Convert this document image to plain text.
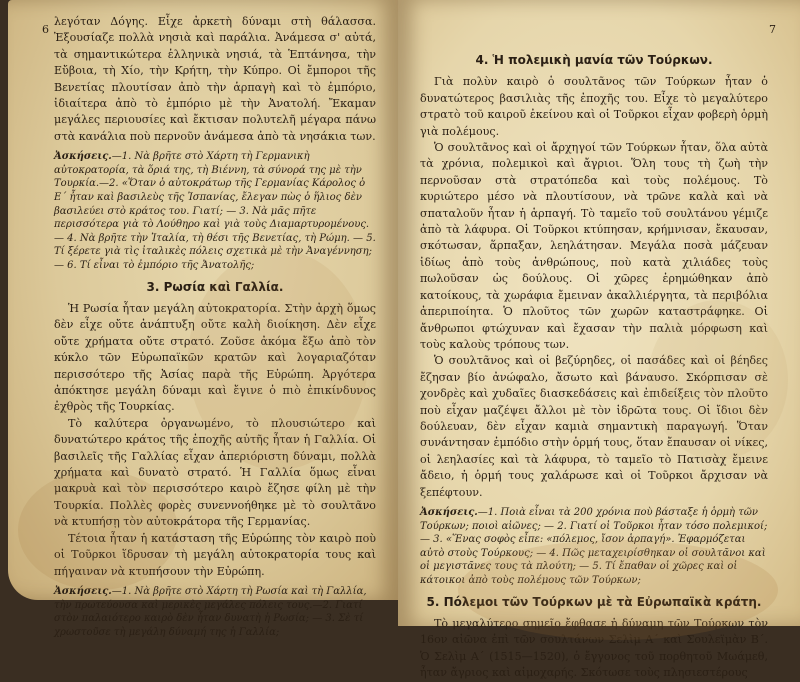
6

λεγόταν Δόγης. Εἶχε ἀρκετὴ δύναμι στὴ θάλασσα. Ἐξουσίαζε πολλὰ νησιὰ καὶ παράλια. Ἀνάμεσα σ' αὐτά, τὰ σημαντικώτερα ἑλληνικὰ νησιά, τὰ Ἑπτάνησα, τὴν Εὔβοια, τὴ Χίο, τὴν Κρήτη, τὴν Κύπρο. Οἱ ἔμποροι τῆς Βενετίας πλουτίσαν ἀπὸ τὴν ἁρπαγὴ καὶ τὸ ἐμπόριο, ἰδιαίτερα ἀπὸ τὸ ἐμπόριο μὲ τὴν Ἀνατολή. Ἔκαμαν μεγάλες περιουσίες καὶ ἔκτισαν πολυτελῆ μέγαρα πάνω στὰ κανάλια ποὺ περνοῦν ἀνάμεσα ἀπὸ τὰ νησάκια των.

Ἀσκήσεις.—1. Νὰ βρῆτε στὸ Χάρτη τὴ Γερμανικὴ αὐτοκρατορία, τὰ ὅριά της, τὴ Βιέννη, τὰ σύνορά της μὲ τὴν Τουρκία.—2. «Ὅταν ὁ αὐτοκράτωρ τῆς Γερμανίας Κάρολος ὁ Ε΄ ἦταν καὶ βασιλεὺς τῆς Ἰσπανίας, ἔλεγαν πὼς ὁ ἥλιος δὲν βασιλεύει στὸ κράτος του. Γιατί; — 3. Νὰ μᾶς πῆτε περισσότερα γιὰ τὸ Λούθηρο καὶ γιὰ τοὺς Διαμαρτυρομένους. — 4. Νὰ βρῆτε τὴν Ἰταλία, τὴ θέσι τῆς Βενετίας, τὴ Ρώμη. — 5. Τί ξέρετε γιὰ τὶς ἰταλικὲς πόλεις σχετικὰ μὲ τὴν Ἀναγέννηση; — 6. Τί εἶναι τὸ ἐμπόριο τῆς Ἀνατολῆς;
3. Ρωσία καὶ Γαλλία.

Ἡ Ρωσία ἦταν μεγάλη αὐτοκρατορία. Στὴν ἀρχὴ ὅμως δὲν εἶχε οὔτε ἀνάπτυξη οὔτε καλὴ διοίκηση. Δὲν εἶχε οὔτε χρήματα οὔτε στρατό. Ζοῦσε ἀκόμα ἔξω ἀπὸ τὸν κύκλο τῶν Εὐρωπαϊκῶν κρατῶν καὶ λογαριαζόταν περισσότερο τῆς Ἀσίας παρὰ τῆς Εὐρώπη. Ἀργότερα ἀπόκτησε μεγάλη δύναμι καὶ ἔγινε ὁ πιὸ ἐπικίνδυνος ἐχθρὸς τῆς Τουρκίας.

Τὸ καλύτερα ὀργανωμένο, τὸ πλουσιώτερο καὶ δυνατώτερο κράτος τῆς ἐποχῆς αὐτῆς ἦταν ἡ Γαλλία. Οἱ βασιλεῖς τῆς Γαλλίας εἶχαν ἀπεριόριστη δύναμι, πολλὰ χρήματα καὶ δυνατὸ στρατό. Ἡ Γαλλία ὅμως εἶναι μακρυὰ καὶ τὸν περισσότερο καιρὸ ἔζησε φίλη μὲ τὴν Τουρκία. Πολλὲς φορὲς συνεννοήθηκε μὲ τὸ σουλτᾶνο νὰ κτυπήσῃ τὸν αὐτοκράτορα τῆς Γερμανίας.

Τέτοια ἦταν ἡ κατάσταση τῆς Εὐρώπης τὸν καιρὸ ποὺ οἱ Τοῦρκοι ἵδρυσαν τὴ μεγάλη αὐτοκρατορία τους καὶ πήγαιναν νὰ κτυπήσουν τὴν Εὐρώπη.

Ἀσκήσεις.—1. Νὰ βρῆτε στὸ Χάρτη τὴ Ρωσία καὶ τὴ Γαλλία, τὴν πρωτεύουσα καὶ μερικὲς μεγάλες πόλεις τους.—2. Γιατί στὸν παλαιότερο καιρὸ δὲν ἦταν δυνατὴ ἡ Ρωσία; — 3. Σὲ τί χρωστοῦσε τὴ μεγάλη δύναμή της ἡ Γαλλία;
7
4. Ἡ πολεμικὴ μανία τῶν Τούρκων.

Γιὰ πολὺν καιρὸ ὁ σουλτᾶνος τῶν Τούρκων ἦταν ὁ δυνατώτερος βασιλιὰς τῆς ἐποχῆς του. Εἶχε τὸ μεγαλύτερο στρατὸ τοῦ καιροῦ ἐκείνου καὶ οἱ Τοῦρκοι εἶχαν φοβερὴ ὁρμὴ γιὰ πολέμους.

Ὁ σουλτᾶνος καὶ οἱ ἄρχηγοί τῶν Τούρκων ἦταν, ὅλα αὐτὰ τὰ χρόνια, πολεμικοὶ καὶ ἄγριοι. Ὅλη τους τὴ ζωὴ τὴν περνοῦσαν στὰ στρατόπεδα καὶ τοὺς πολέμους. Τὸ κυριώτερο μέσο νὰ πλουτίσουν, νὰ τρῶνε καλὰ καὶ νὰ σπαταλοῦν ἦταν ἡ ἁρπαγή. Τὸ ταμεῖο τοῦ σουλτάνου γέμιζε ἀπὸ τὰ λάφυρα. Οἱ Τοῦρκοι κτύπησαν, κρήμνισαν, ἔκαυσαν, σκότωσαν, ἅρπαξαν, λεηλάτησαν. Μεγάλα ποσὰ μάζευαν ἰδίως ἀπὸ τοὺς ἀνθρώπους, ποὺ κατὰ χιλιάδες τοὺς πωλοῦσαν ὡς δούλους. Οἱ χῶρες ἐρημώθηκαν ἀπὸ κατοίκους, τὰ χωράφια ἔμειναν ἀκαλλιέργητα, τὰ περιβόλια ἀπεριποίητα. Ὁ πλοῦτος τῶν χωρῶν καταστράφηκε. Οἱ ἄνθρωποι φτώχυναν καὶ ἔχασαν τὴν παλιὰ μόρφωση καὶ τοὺς καλοὺς τρόπους των.

Ὁ σουλτᾶνος καὶ οἱ βεζύρηδες, οἱ πασάδες καὶ οἱ βέηδες ἔζησαν βίο ἀνώφαλο, ἄσωτο καὶ βάναυσο. Σκόρπισαν σὲ χονδρὲς καὶ χυδαῖες διασκεδάσεις καὶ ἐπιδείξεις τὸν πλοῦτο ποὺ εἶχαν μαζέψει ἄλλοι μὲ τὸν ἱδρῶτα τους. Οἱ ἴδιοι δὲν δούλευαν, δὲν εἶχαν καμιὰ σημαντικὴ παραγωγή. Ὅταν συνάντησαν ἐμπόδιο στὴν ὁρμή τους, ὅταν ἔπαυσαν οἱ νίκες, οἱ λεηλασίες καὶ τὰ λάφυρα, τὸ ταμεῖο τὸ Πατισὰχ ἔμεινε ἄδειο, ἡ ὁρμή τους χαλάρωσε καὶ οἱ Τοῦρκοι ἄρχισαν νὰ ξεπέφτουν.

Ἀσκήσεις.—1. Ποιὰ εἶναι τὰ 200 χρόνια ποὺ βάσταξε ἡ ὁρμὴ τῶν Τούρκων; ποιοὶ αἰῶνες; — 2. Γιατί οἱ Τοῦρκοι ἦταν τόσο πολεμικοί; — 3. «Ἕνας σοφὸς εἶπε: «πόλεμος, ἴσον ἁρπαγή». Ἐφαρμόζεται αὐτὸ στοὺς Τούρκους; — 4. Πῶς μεταχειρίσθηκαν οἱ σουλτᾶνοι καὶ οἱ μεγιστᾶνες τους τὰ πλούτη; — 5. Τί ἔπαθαν οἱ χῶρες καὶ οἱ κάτοικοι ἀπὸ τοὺς πολέμους τῶν Τούρκων;
5. Πόλεμοι τῶν Τούρκων μὲ τὰ Εὐρωπαϊκὰ κράτη.

Τὸ μεγαλύτερο σημεῖο ἔφθασε ἡ δύναμη τῶν Τούρκων τὸν 16ον αἰῶνα ἐπὶ τῶν σουλτάνων Σελὶμ Α΄ καὶ Σουλεϊμὰν Β΄. Ὁ Σελὶμ Α΄ (1515—1520), ὁ ἔγγονος τοῦ πορθητοῦ Μωάμεθ, ἦταν ἄγριος καὶ αἱμοχαρής. Σκότωσε τοὺς πλησιεστέρους
